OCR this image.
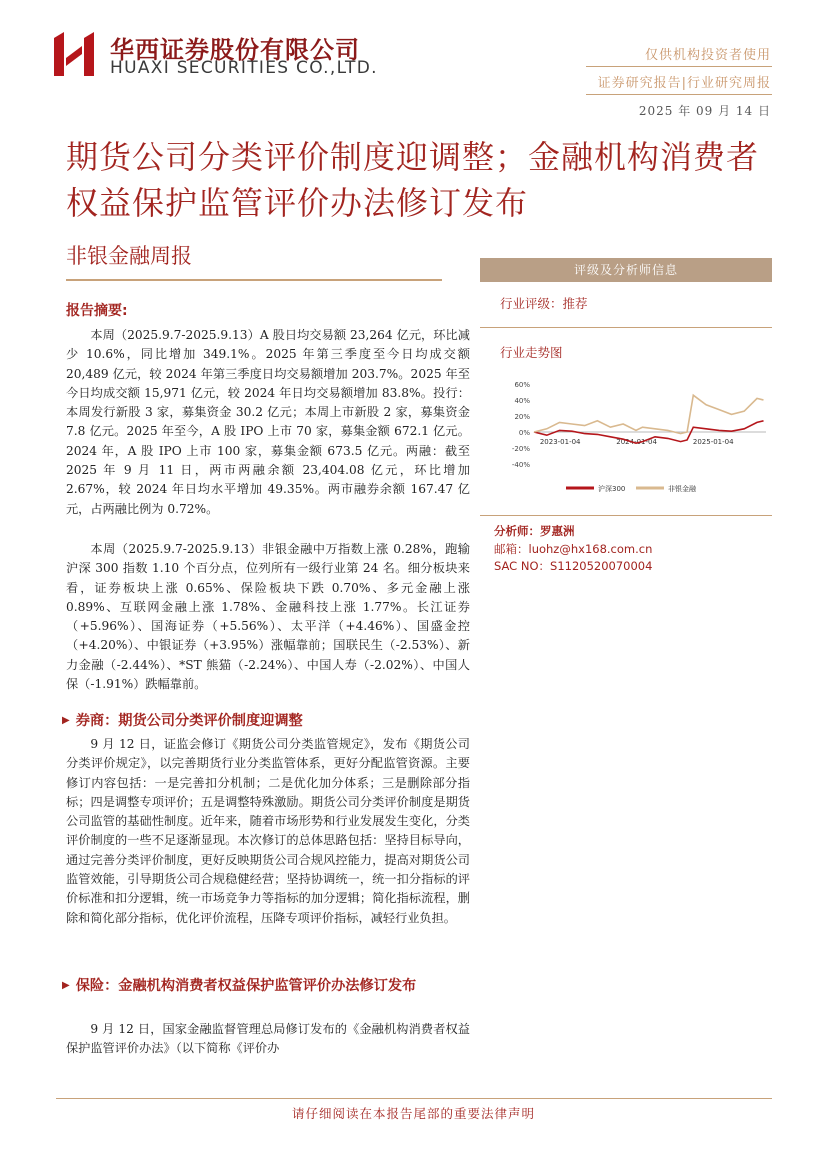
华西证券股份有限公司
HUAXI SECURITIES CO.,LTD.
仅供机构投资者使用
证券研究报告|行业研究周报
2025 年 09 月 14 日
期货公司分类评价制度迎调整；金融机构消费者权益保护监管评价办法修订发布
非银金融周报
报告摘要:
本周（2025.9.7-2025.9.13）A 股日均交易额 23,264 亿元，环比减少 10.6%，同比增加 349.1%。2025 年第三季度至今日均成交额 20,489 亿元，较 2024 年第三季度日均交易额增加 203.7%。2025 年至今日均成交额 15,971 亿元，较 2024 年日均交易额增加 83.8%。投行：本周发行新股 3 家，募集资金 30.2 亿元；本周上市新股 2 家，募集资金 7.8 亿元。2025 年至今，A 股 IPO 上市 70 家，募集金额 672.1 亿元。2024 年，A 股 IPO 上市 100 家，募集金额 673.5 亿元。两融：截至 2025 年 9 月 11 日，两市两融余额 23,404.08 亿元，环比增加 2.67%，较 2024 年日均水平增加 49.35%。两市融券余额 167.47 亿元，占两融比例为 0.72%。
本周（2025.9.7-2025.9.13）非银金融中万指数上涨 0.28%，跑输沪深 300 指数 1.10 个百分点，位列所有一级行业第 24 名。细分板块来看，证券板块上涨 0.65%、保险板块下跌 0.70%、多元金融上涨 0.89%、互联网金融上涨 1.78%、金融科技上涨 1.77%。长江证券（+5.96%）、国海证券（+5.56%）、太平洋（+4.46%）、国盛金控（+4.20%）、中银证券（+3.95%）涨幅靠前；国联民生（-2.53%）、新力金融（-2.44%）、*ST 熊猫（-2.24%）、中国人寿（-2.02%）、中国人保（-1.91%）跌幅靠前。
▶ 券商：期货公司分类评价制度迎调整
9 月 12 日，证监会修订《期货公司分类监管规定》，发布《期货公司分类评价规定》，以完善期货行业分类监管体系，更好分配监管资源。主要修订内容包括：一是完善扣分机制；二是优化加分体系；三是删除部分指标；四是调整专项评价；五是调整特殊激励。期货公司分类评价制度是期货公司监管的基础性制度。近年来，随着市场形势和行业发展发生变化，分类评价制度的一些不足逐渐显现。本次修订的总体思路包括：坚持目标导向，通过完善分类评价制度，更好反映期货公司合规风控能力，提高对期货公司监管效能，引导期货公司合规稳健经营；坚持协调统一，统一扣分指标的评价标准和扣分逻辑，统一市场竞争力等指标的加分逻辑；简化指标流程，删除和简化部分指标，优化评价流程，压降专项评价指标，减轻行业负担。
▶ 保险：金融机构消费者权益保护监管评价办法修订发布
9 月 12 日，国家金融监督管理总局修订发布的《金融机构消费者权益保护监管评价办法》（以下简称《评价办
评级及分析师信息
行业评级：推荐
行业走势图
60%
40%
20%
0%
-20%
-40%
2023-01-04	2024-01-04	2025-01-04
沪深300	非银金融
分析师：罗惠洲
邮箱：luohz@hx168.com.cn
SAC NO：S1120520070004
请仔细阅读在本报告尾部的重要法律声明
